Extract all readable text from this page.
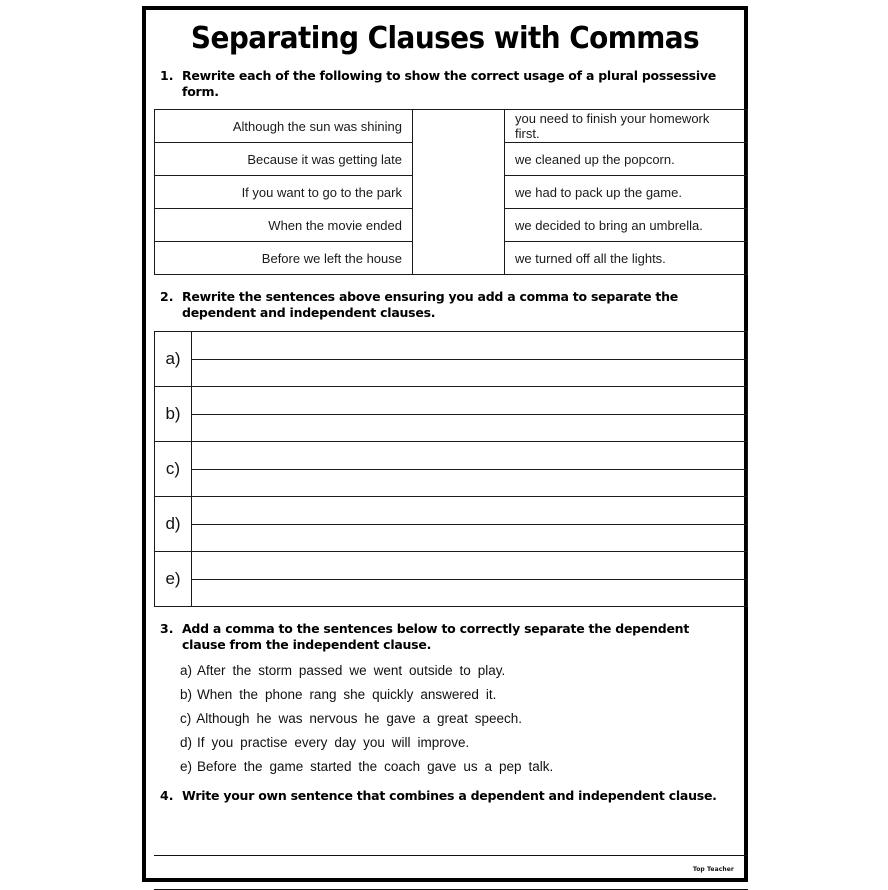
Separating Clauses with Commas
1. Rewrite each of the following to show the correct usage of a plural possessive form.
Although the sun was shining		you need to finish your homework first.
Because it was getting late		we cleaned up the popcorn.
If you want to go to the park		we had to pack up the game.
When the movie ended		we decided to bring an umbrella.
Before we left the house		we turned off all the lights.
2. Rewrite the sentences above ensuring you add a comma to separate the dependent and independent clauses.
a)
b)
c)
d)
e)
3. Add a comma to the sentences below to correctly separate the dependent clause from the independent clause.
a) After the storm passed we went outside to play.
b) When the phone rang she quickly answered it.
c) Although he was nervous he gave a great speech.
d) If you practise every day you will improve.
e) Before the game started the coach gave us a pep talk.
4. Write your own sentence that combines a dependent and independent clause.
Top Teacher
